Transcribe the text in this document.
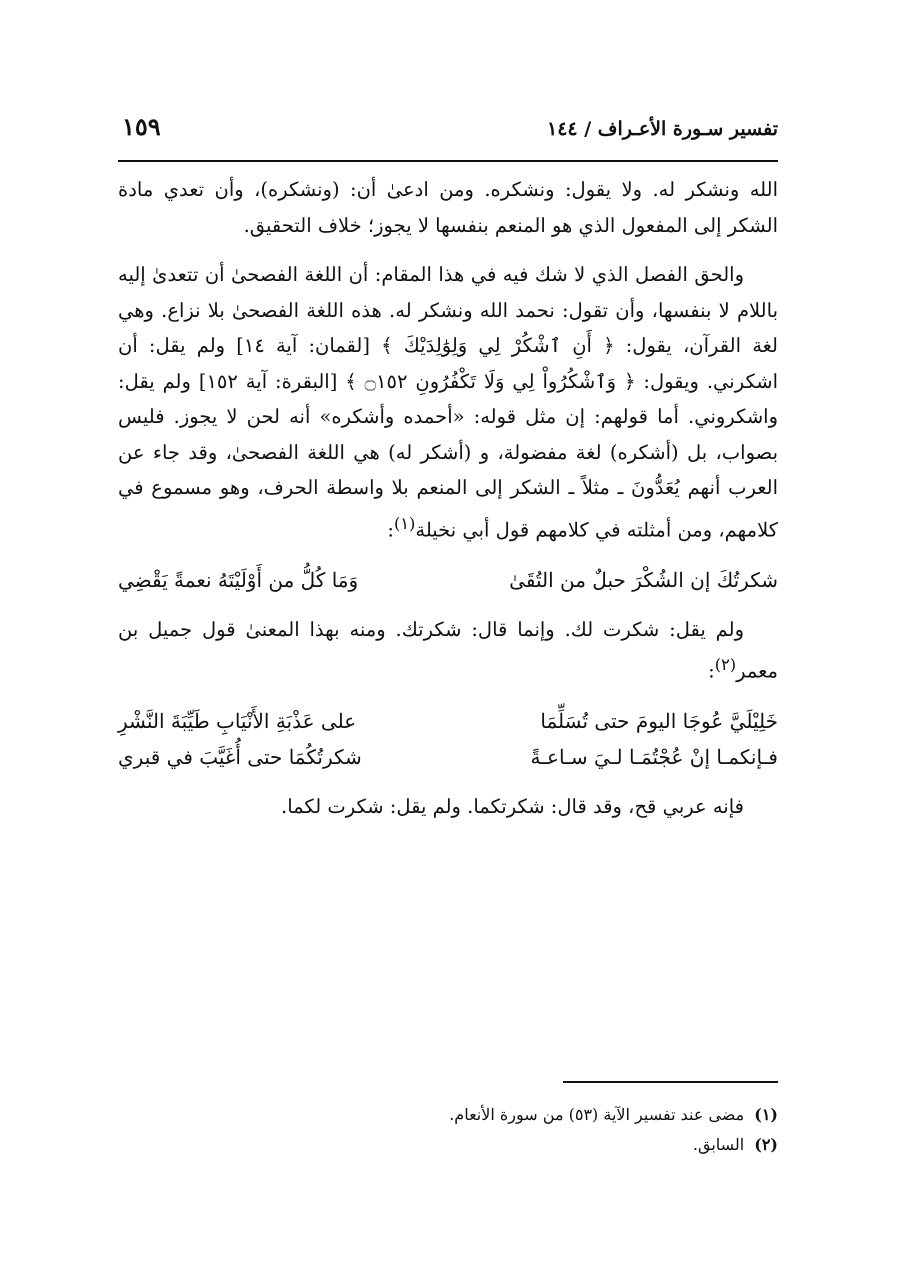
تفسير سـورة الأعـراف / ١٤٤
١٥٩

الله ونشكر له. ولا يقول: ونشكره. ومن ادعىٰ أن: (ونشكره)، وأن تعدي مادة الشكر إلى المفعول الذي هو المنعم بنفسها لا يجوز؛ خلاف التحقيق.

والحق الفصل الذي لا شك فيه في هذا المقام: أن اللغة الفصحىٰ أن تتعدىٰ إليه باللام لا بنفسها، وأن تقول: نحمد الله ونشكر له. هذه اللغة الفصحىٰ بلا نزاع. وهي لغة القرآن، يقول: ﴿ أَنِ ٱشْكُرْ لِي وَلِوَٰلِدَيْكَ ﴾ [لقمان: آية ١٤] ولم يقل: أن اشكرني. ويقول: ﴿ وَٱشْكُرُواْ لِي وَلَا تَكْفُرُونِ ۝١٥٢ ﴾ [البقرة: آية ١٥٢] ولم يقل: واشكروني. أما قولهم: إن مثل قوله: «أحمده وأشكره» أنه لحن لا يجوز. فليس بصواب، بل (أشكره) لغة مفضولة، و (أشكر له) هي اللغة الفصحىٰ، وقد جاء عن العرب أنهم يُعَدُّونَ ـ مثلاً ـ الشكر إلى المنعم بلا واسطة الحرف، وهو مسموع في كلامهم، ومن أمثلته في كلامهم قول أبي نخيلة$^{(١)}$:

شكرتُكَ إن الشُكْرَ حبلٌ من التُقَىٰ
وَمَا كُلُّ من أَوْلَيْتَهُ نعمةً يَقْضِي

ولم يقل: شكرت لك. وإنما قال: شكرتك. ومنه بهذا المعنىٰ قول جميل بن معمر$^{(٢)}$:

خَلِيْلَيَّ عُوجَا اليومَ حتى تُسَلِّمَا
على عَذْبَةِ الأَنْيَابِ طَيِّبَةَ النَّشْرِ
فـإنكمـا إنْ عُجْتُمَـا لـيَ سـاعـةً
شكرتُكُمَا حتى أُغَيَّبَ في قبري

فإنه عربي قح، وقد قال: شكرتكما. ولم يقل: شكرت لكما.

(١)مضى عند تفسير الآية (٥٣) من سورة الأنعام.

(٢)السابق.
